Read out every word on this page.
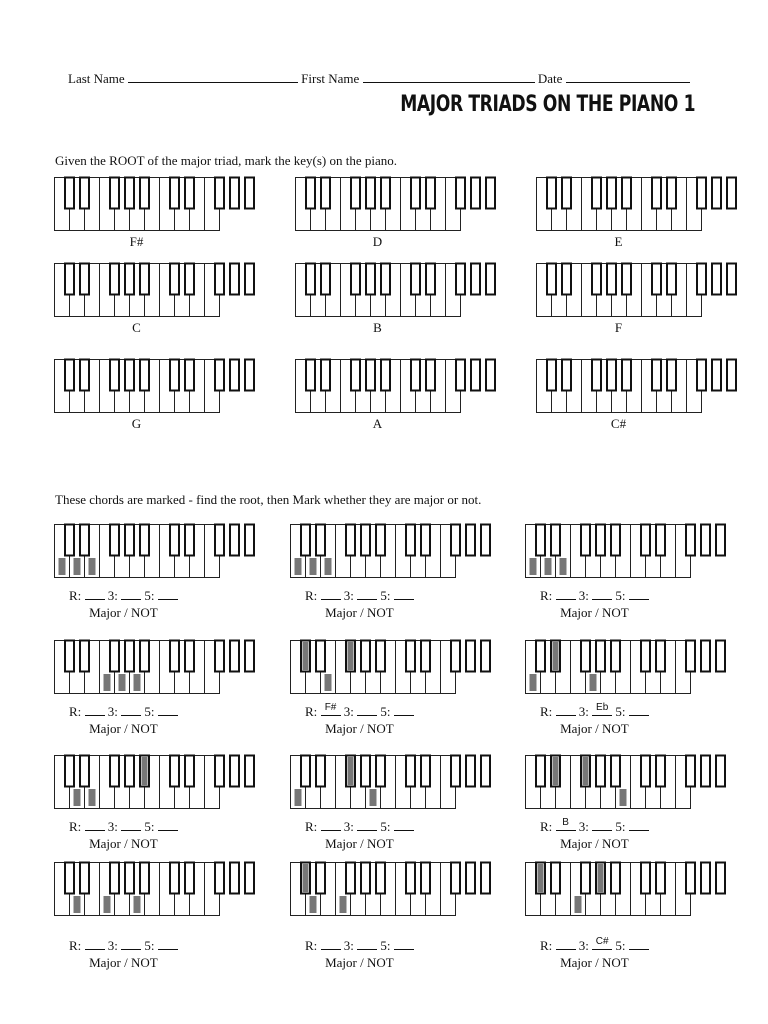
Last Name	First Name	Date
MAJOR TRIADS ON THE PIANO 1
Given the ROOT of the major triad, mark the key(s) on the piano.
These chords are marked - find the root, then Mark whether they are major or not.
F#	D	E
C	B	F
G	A	C#
R: 3: 5:
Major / NOT
R: 3: 5:
Major / NOT
R: 3: 5:
Major / NOT
R: 3: 5:
Major / NOT
R: F# 3: 5:
Major / NOT
R: 3: Eb 5:
Major / NOT
R: 3: 5:
Major / NOT
R: 3: 5:
Major / NOT
R: B 3: 5:
Major / NOT
R: 3: 5:
Major / NOT
R: 3: 5:
Major / NOT
R: 3: C# 5:
Major / NOT
